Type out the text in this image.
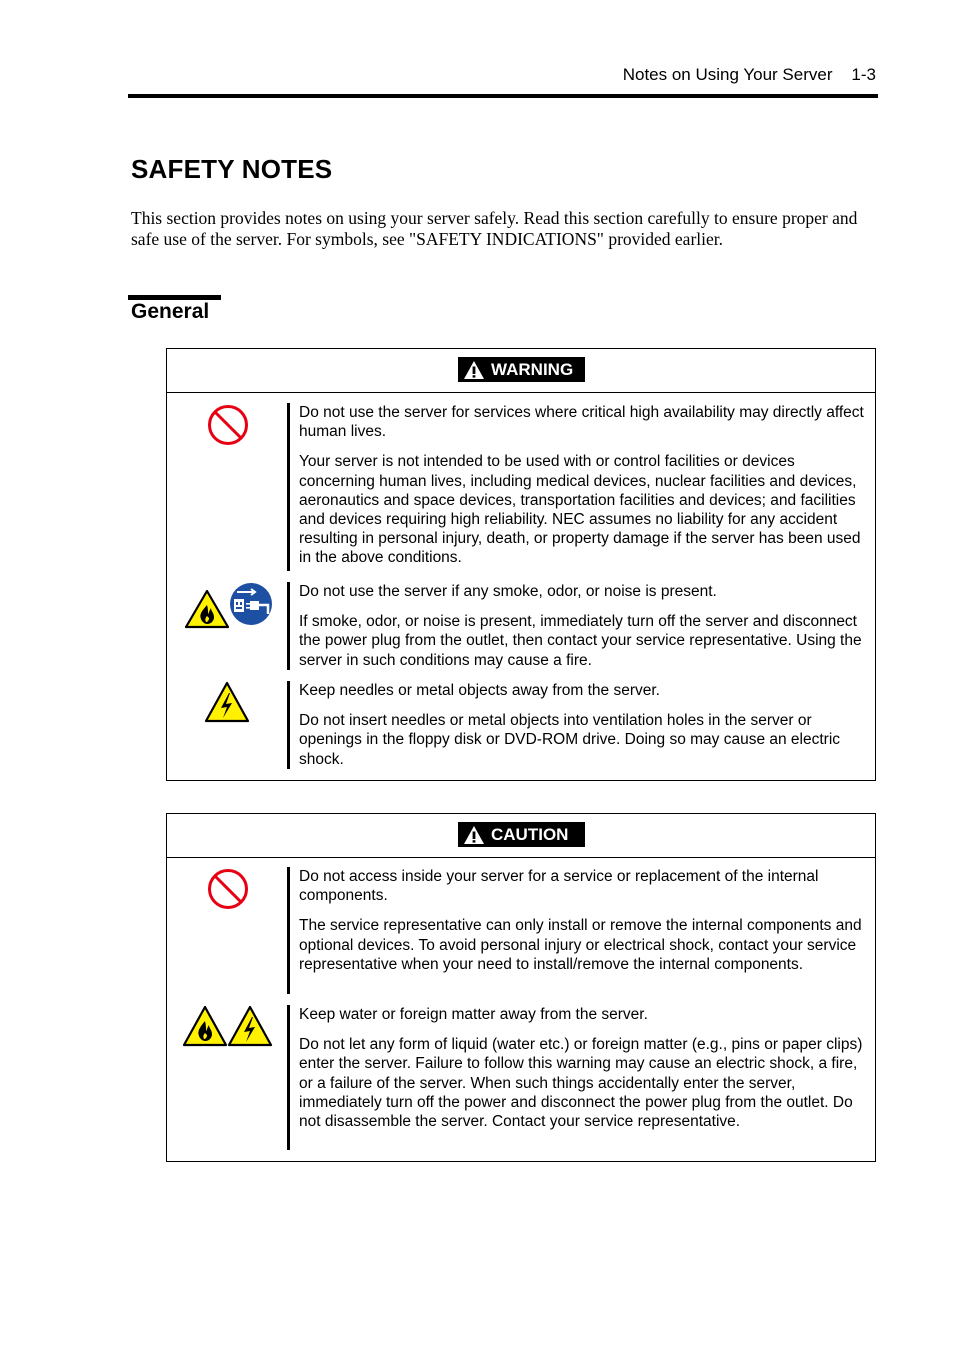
Notes on Using Your Server 1-3
SAFETY NOTES
This section provides notes on using your server safely. Read this section carefully to ensure proper and safe use of the server. For symbols, see "SAFETY INDICATIONS" provided earlier.
General
WARNING

Do not use the server for services where critical high availability may directly affect human lives.

Your server is not intended to be used with or control facilities or devices concerning human lives, including medical devices, nuclear facilities and devices, aeronautics and space devices, transportation facilities and devices; and facilities and devices requiring high reliability. NEC assumes no liability for any accident resulting in personal injury, death, or property damage if the server has been used in the above conditions.

Do not use the server if any smoke, odor, or noise is present.

If smoke, odor, or noise is present, immediately turn off the server and disconnect the power plug from the outlet, then contact your service representative. Using the server in such conditions may cause a fire.

Keep needles or metal objects away from the server.

Do not insert needles or metal objects into ventilation holes in the server or openings in the floppy disk or DVD-ROM drive. Doing so may cause an electric shock.

CAUTION

Do not access inside your server for a service or replacement of the internal components.

The service representative can only install or remove the internal components and optional devices. To avoid personal injury or electrical shock, contact your service representative when your need to install/remove the internal components.

Keep water or foreign matter away from the server.

Do not let any form of liquid (water etc.) or foreign matter (e.g., pins or paper clips) enter the server. Failure to follow this warning may cause an electric shock, a fire, or a failure of the server. When such things accidentally enter the server, immediately turn off the power and disconnect the power plug from the outlet. Do not disassemble the server. Contact your service representative.
